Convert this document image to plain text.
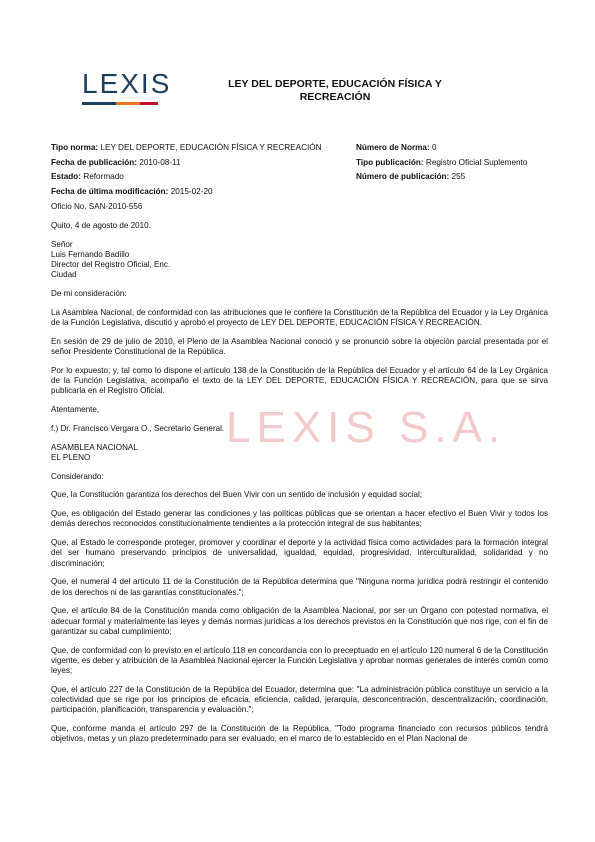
LEXIS	LEY DEL DEPORTE, EDUCACIÓN FÍSICA Y
RECREACIÓN
Tipo norma: LEY DEL DEPORTE, EDUCACIÓN FÍSICA Y RECREACIÓN
Fecha de publicación: 2010-08-11
Estado: Reformado
Fecha de última modificación: 2015-02-20
Número de Norma: 0
Tipo publicación: Registro Oficial Suplemento
Número de publicación: 255
LEXIS S.A.

Oficio No. SAN-2010-556

Quito, 4 de agosto de 2010.

Señor
Luis Fernando Badillo
Director del Registro Oficial, Enc.
Ciudad

De mi consideración:

La Asamblea Nacional, de conformidad con las atribuciones que le confiere la Constitución de la República del Ecuador y la Ley Orgánica de la Función Legislativa, discutió y aprobó el proyecto de LEY DEL DEPORTE, EDUCACIÓN FÍSICA Y RECREACIÓN.

En sesión de 29 de julio de 2010, el Pleno de la Asamblea Nacional conoció y se pronunció sobre la objeción parcial presentada por el señor Presidente Constitucional de la República.

Por lo expuesto; y, tal como lo dispone el artículo 138 de la Constitución de la República del Ecuador y el artículo 64 de la Ley Orgánica de la Función Legislativa, acompaño el texto de la LEY DEL DEPORTE, EDUCACIÓN FÍSICA Y RECREACIÓN, para que se sirva publicarla en el Registro Oficial.

Atentamente,

f.) Dr. Francisco Vergara O., Secretario General.

ASAMBLEA NACIONAL
EL PLENO

Considerando:

Que, la Constitución garantiza los derechos del Buen Vivir con un sentido de inclusión y equidad social;

Que, es obligación del Estado generar las condiciones y las políticas públicas que se orientan a hacer efectivo el Buen Vivir y todos los demás derechos reconocidos constitucionalmente tendientes a la protección integral de sus habitantes;

Que, al Estado le corresponde proteger, promover y coordinar el deporte y la actividad física como actividades para la formación integral del ser humano preservando principios de universalidad, igualdad, equidad, progresividad, interculturalidad, solidaridad y no discriminación;

Que, el numeral 4 del artículo 11 de la Constitución de la República determina que "Ninguna norma jurídica podrá restringir el contenido de los derechos ni de las garantías constitucionales.";

Que, el artículo 84 de la Constitución manda como obligación de la Asamblea Nacional, por ser un Órgano con potestad normativa, el adecuar formal y materialmente las leyes y demás normas jurídicas a los derechos previstos en la Constitución que nos rige, con el fin de garantizar su cabal cumplimiento;

Que, de conformidad con lo previsto en el artículo 118 en concordancia con lo preceptuado en el artículo 120 numeral 6 de la Constitución vigente, es deber y atribución de la Asamblea Nacional ejercer la Función Legislativa y aprobar normas generales de interés común como leyes;

Que, el artículo 227 de la Constitución de la República del Ecuador, determina que: "La administración pública constituye un servicio a la colectividad que se rige por los principios de eficacia, eficiencia, calidad, jerarquía, desconcentración, descentralización, coordinación, participación, planificación, transparencia y evaluación.";

Que, conforme manda el artículo 297 de la Constitución de la República, "Todo programa financiado con recursos públicos tendrá objetivos, metas y un plazo predeterminado para ser evaluado, en el marco de lo establecido en el Plan Nacional de
